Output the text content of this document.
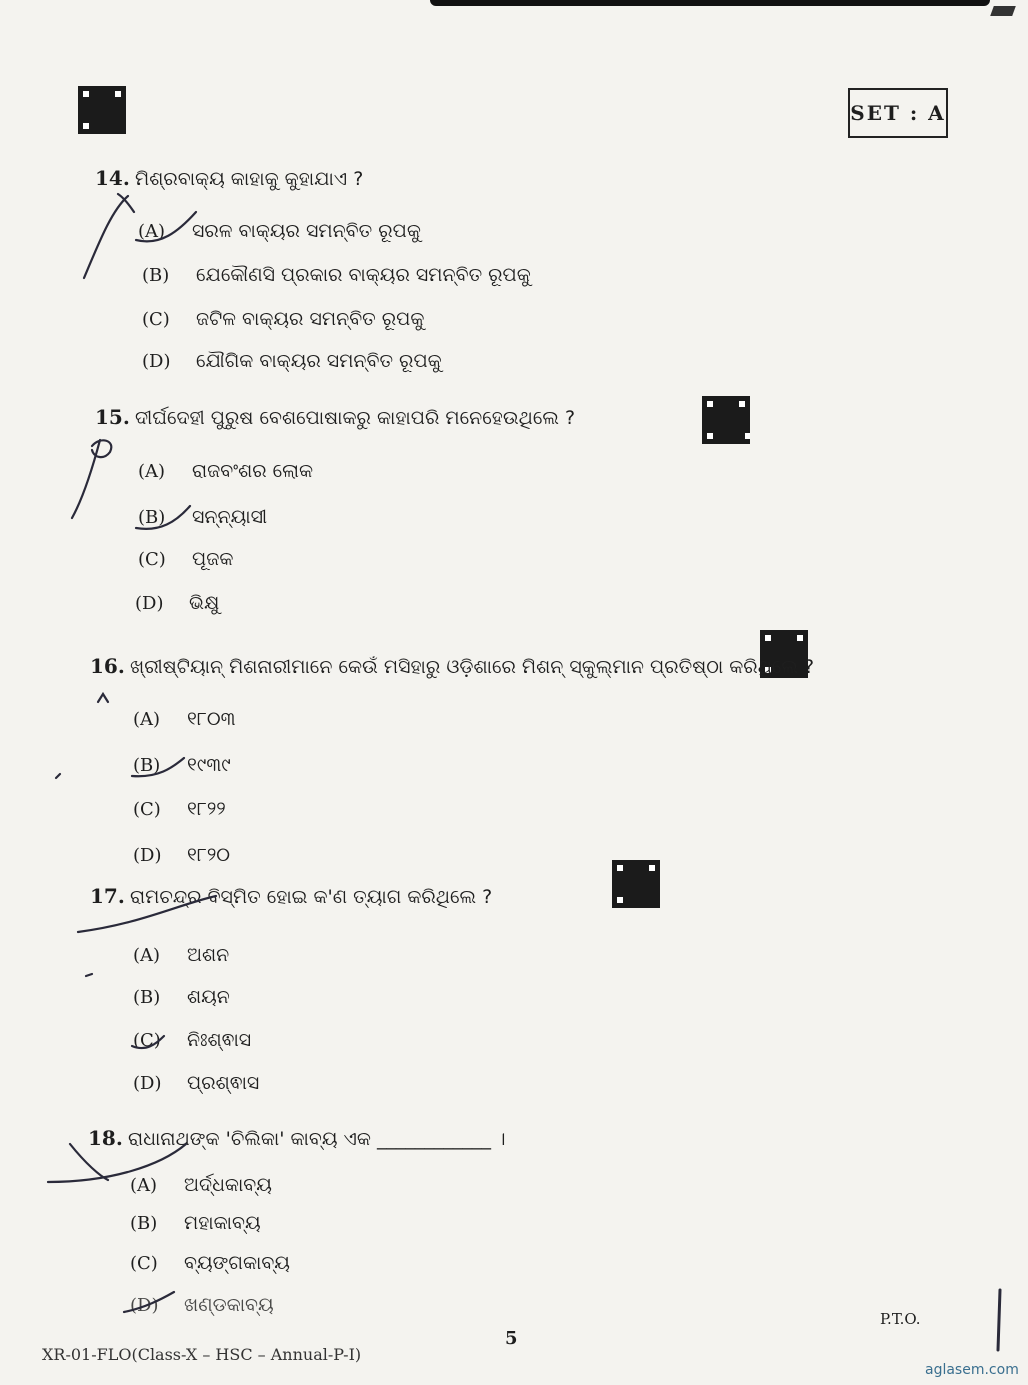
SET : A
14. ମିଶ୍ରବାକ୍ୟ କାହାକୁ କୁହାଯାଏ ?
(A)	ସରଳ ବାକ୍ୟର ସମନ୍ବିତ ରୂପକୁ
(B)	ଯେକୌଣସି ପ୍ରକାର ବାକ୍ୟର ସମନ୍ବିତ ରୂପକୁ
(C)	ଜଟିଳ ବାକ୍ୟର ସମନ୍ବିତ ରୂପକୁ
(D)	ଯୌଗିକ ବାକ୍ୟର ସମନ୍ବିତ ରୂପକୁ
15. ଦୀର୍ଘଦେହୀ ପୁରୁଷ ବେଶପୋଷାକରୁ କାହାପରି ମନେହେଉଥିଲେ ?
(A)	ରାଜବଂଶର ଲୋକ
(B)	ସନ୍ନ୍ୟାସୀ
(C)	ପୂଜକ
(D)	ଭିକ୍ଷୁ
16. ଖ୍ରୀଷ୍ଟିୟାନ୍ ମିଶନାରୀମାନେ କେଉଁ ମସିହାରୁ ଓଡ଼ିଶାରେ ମିଶନ୍ ସ୍କୁଲ୍‌ମାନ ପ୍ରତିଷ୍ଠା କରିଥିଲେ ?
(A)	୧୮୦୩
(B)	୧୯୩୯
(C)	୧୮୨୨
(D)	୧୮୨୦
17. ରାମଚନ୍ଦ୍ର ବିସ୍ମିତ ହୋଇ କ'ଣ ତ୍ୟାଗ କରିଥିଲେ ?
(A)	ଅଶନ
(B)	ଶୟନ
(C)	ନିଃଶ୍ଵାସ
(D)	ପ୍ରଶ୍ଵାସ
18. ରାଧାନାଥଙ୍କ 'ଚିଲିକା' କାବ୍ୟ ଏକ ____________ ।
(A)	ଅର୍ଦ୍ଧକାବ୍ୟ
(B)	ମହାକାବ୍ୟ
(C)	ବ୍ୟଙ୍ଗକାବ୍ୟ
(D)	ଖଣ୍ଡକାବ୍ୟ
P.T.O.
5
XR-01-FLO(Class-X – HSC – Annual-P-I)
aglasem.com
